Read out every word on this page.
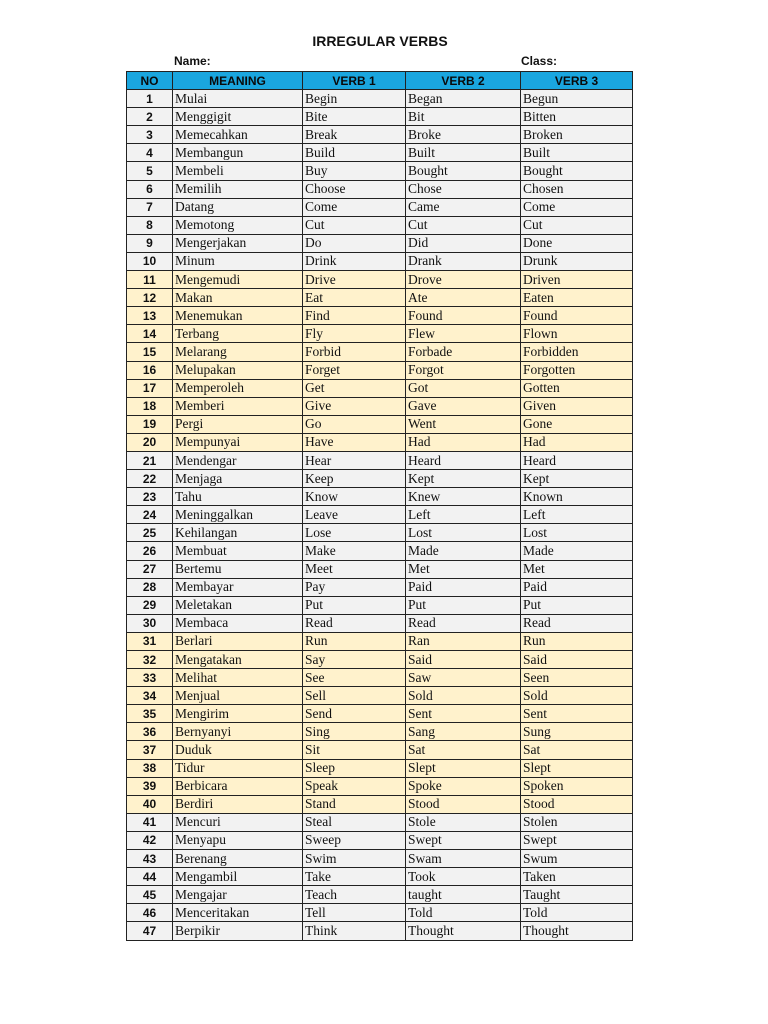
IRREGULAR VERBS
Name:	Class:
NO	MEANING	VERB 1	VERB 2	VERB 3
1	Mulai	Begin	Began	Begun
2	Menggigit	Bite	Bit	Bitten
3	Memecahkan	Break	Broke	Broken
4	Membangun	Build	Built	Built
5	Membeli	Buy	Bought	Bought
6	Memilih	Choose	Chose	Chosen
7	Datang	Come	Came	Come
8	Memotong	Cut	Cut	Cut
9	Mengerjakan	Do	Did	Done
10	Minum	Drink	Drank	Drunk
11	Mengemudi	Drive	Drove	Driven
12	Makan	Eat	Ate	Eaten
13	Menemukan	Find	Found	Found
14	Terbang	Fly	Flew	Flown
15	Melarang	Forbid	Forbade	Forbidden
16	Melupakan	Forget	Forgot	Forgotten
17	Memperoleh	Get	Got	Gotten
18	Memberi	Give	Gave	Given
19	Pergi	Go	Went	Gone
20	Mempunyai	Have	Had	Had
21	Mendengar	Hear	Heard	Heard
22	Menjaga	Keep	Kept	Kept
23	Tahu	Know	Knew	Known
24	Meninggalkan	Leave	Left	Left
25	Kehilangan	Lose	Lost	Lost
26	Membuat	Make	Made	Made
27	Bertemu	Meet	Met	Met
28	Membayar	Pay	Paid	Paid
29	Meletakan	Put	Put	Put
30	Membaca	Read	Read	Read
31	Berlari	Run	Ran	Run
32	Mengatakan	Say	Said	Said
33	Melihat	See	Saw	Seen
34	Menjual	Sell	Sold	Sold
35	Mengirim	Send	Sent	Sent
36	Bernyanyi	Sing	Sang	Sung
37	Duduk	Sit	Sat	Sat
38	Tidur	Sleep	Slept	Slept
39	Berbicara	Speak	Spoke	Spoken
40	Berdiri	Stand	Stood	Stood
41	Mencuri	Steal	Stole	Stolen
42	Menyapu	Sweep	Swept	Swept
43	Berenang	Swim	Swam	Swum
44	Mengambil	Take	Took	Taken
45	Mengajar	Teach	taught	Taught
46	Menceritakan	Tell	Told	Told
47	Berpikir	Think	Thought	Thought
